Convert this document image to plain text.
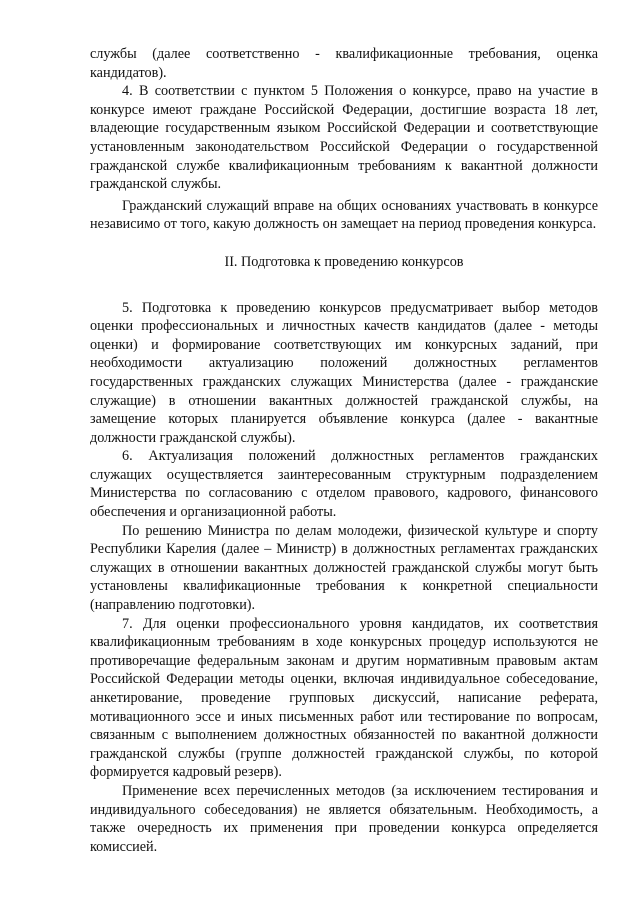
службы (далее соответственно - квалификационные требования, оценка кандидатов).

4. В соответствии с пунктом 5 Положения о конкурсе, право на участие в конкурсе имеют граждане Российской Федерации, достигшие возраста 18 лет, владеющие государственным языком Российской Федерации и соответствующие установленным законодательством Российской Федерации о государственной гражданской службе квалификационным требованиям к вакантной должности гражданской службы.

Гражданский служащий вправе на общих основаниях участвовать в конкурсе независимо от того, какую должность он замещает на период проведения конкурса.

II. Подготовка к проведению конкурсов

5. Подготовка к проведению конкурсов предусматривает выбор методов оценки профессиональных и личностных качеств кандидатов (далее - методы оценки) и формирование соответствующих им конкурсных заданий, при необходимости актуализацию положений должностных регламентов государственных гражданских служащих Министерства (далее - гражданские служащие) в отношении вакантных должностей гражданской службы, на замещение которых планируется объявление конкурса (далее - вакантные должности гражданской службы).

6. Актуализация положений должностных регламентов гражданских служащих осуществляется заинтересованным структурным подразделением Министерства по согласованию с отделом правового, кадрового, финансового обеспечения и организационной работы.

По решению Министра по делам молодежи, физической культуре и спорту Республики Карелия (далее – Министр) в должностных регламентах гражданских служащих в отношении вакантных должностей гражданской службы могут быть установлены квалификационные требования к конкретной специальности (направлению подготовки).

7. Для оценки профессионального уровня кандидатов, их соответствия квалификационным требованиям в ходе конкурсных процедур используются не противоречащие федеральным законам и другим нормативным правовым актам Российской Федерации методы оценки, включая индивидуальное собеседование, анкетирование, проведение групповых дискуссий, написание реферата, мотивационного эссе и иных письменных работ или тестирование по вопросам, связанным с выполнением должностных обязанностей по вакантной должности гражданской службы (группе должностей гражданской службы, по которой формируется кадровый резерв).

Применение всех перечисленных методов (за исключением тестирования и индивидуального собеседования) не является обязательным. Необходимость, а также очередность их применения при проведении конкурса определяется комиссией.
